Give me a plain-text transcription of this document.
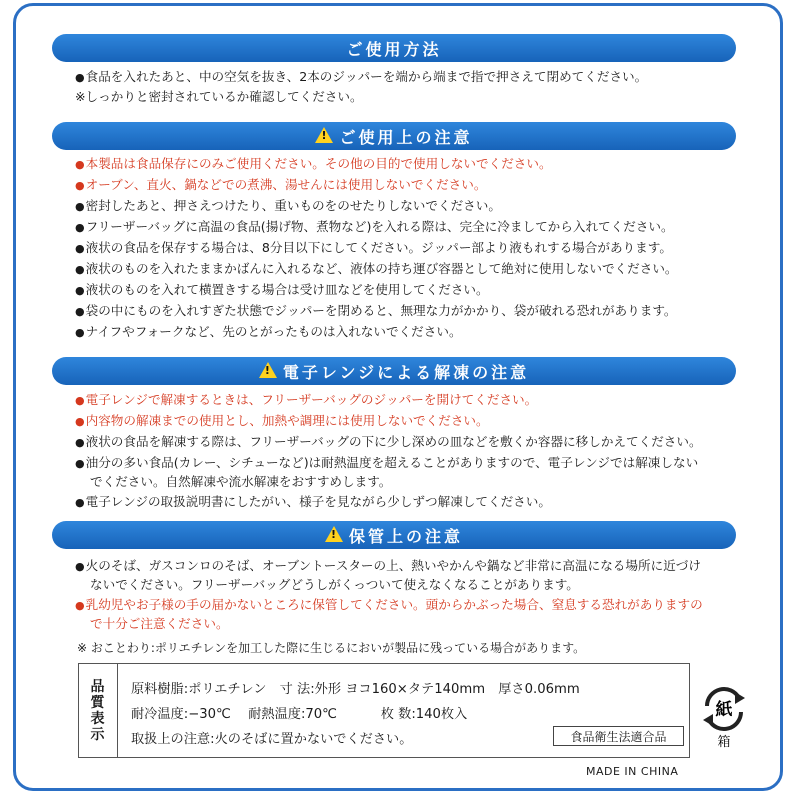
ご使用方法
● 食品を入れたあと、中の空気を抜き、2本のジッパーを端から端まで指で押さえて閉めてください。
※しっかりと密封されているか確認してください。
!
ご使用上の注意
● 本製品は食品保存にのみご使用ください。その他の目的で使用しないでください。
● オーブン、直火、鍋などでの煮沸、湯せんには使用しないでください。
● 密封したあと、押さえつけたり、重いものをのせたりしないでください。
● フリーザーバッグに高温の食品(揚げ物、煮物など)を入れる際は、完全に冷ましてから入れてください。
● 液状の食品を保存する場合は、8分目以下にしてください。ジッパー部より液もれする場合があります。
● 液状のものを入れたままかばんに入れるなど、液体の持ち運び容器として絶対に使用しないでください。
● 液状のものを入れて横置きする場合は受け皿などを使用してください。
● 袋の中にものを入れすぎた状態でジッパーを閉めると、無理な力がかかり、袋が破れる恐れがあります。
● ナイフやフォークなど、先のとがったものは入れないでください。
!
電子レンジによる解凍の注意
● 電子レンジで解凍するときは、フリーザーバッグのジッパーを開けてください。
● 内容物の解凍までの使用とし、加熱や調理には使用しないでください。
● 液状の食品を解凍する際は、フリーザーバッグの下に少し深めの皿などを敷くか容器に移しかえてください。
● 油分の多い食品(カレー、シチューなど)は耐熱温度を超えることがありますので、電子レンジでは解凍しない
でください。自然解凍や流水解凍をおすすめします。
● 電子レンジの取扱説明書にしたがい、様子を見ながら少しずつ解凍してください。
!
保管上の注意
● 火のそば、ガスコンロのそば、オーブントースターの上、熱いやかんや鍋など非常に高温になる場所に近づけ
ないでください。フリーザーバッグどうしがくっついて使えなくなることがあります。
● 乳幼児やお子様の手の届かないところに保管してください。頭からかぶった場合、窒息する恐れがありますの
で十分ご注意ください。
※ おことわり:ポリエチレンを加工した際に生じるにおいが製品に残っている場合があります。
品
質
表
示
原料樹脂:ポリエチレン　寸 法:外形 ヨコ160×タテ140mm　厚さ0.06mm
耐冷温度:−30℃　 耐熱温度:70℃　　　 枚 数:140枚入
取扱上の注意:火のそばに置かないでください。	食品衛生法適合品
紙
箱
MADE IN CHINA
